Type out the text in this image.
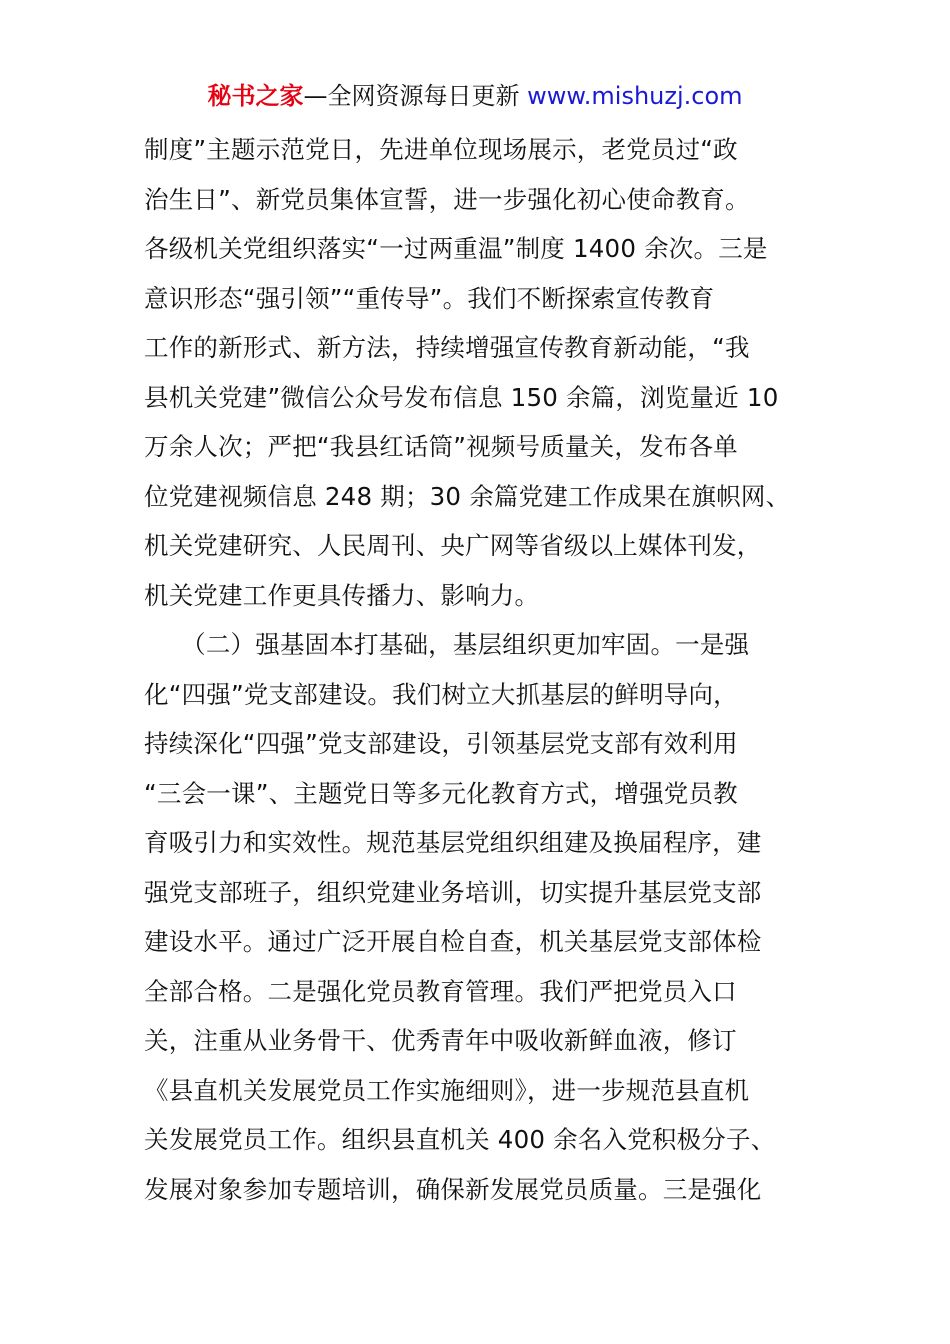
秘书之家—全网资源每日更新 www.mishuzj.com
制度”主题示范党日，先进单位现场展示，老党员过“政
治生日”、新党员集体宣誓，进一步强化初心使命教育。
各级机关党组织落实“一过两重温”制度 1400 余次。三是
意识形态“强引领”“重传导”。我们不断探索宣传教育
工作的新形式、新方法，持续增强宣传教育新动能，“我
县机关党建”微信公众号发布信息 150 余篇，浏览量近 10
万余人次；严把“我县红话筒”视频号质量关，发布各单
位党建视频信息 248 期；30 余篇党建工作成果在旗帜网、
机关党建研究、人民周刊、央广网等省级以上媒体刊发，
机关党建工作更具传播力、影响力。
　　（二）强基固本打基础，基层组织更加牢固。一是强
化“四强”党支部建设。我们树立大抓基层的鲜明导向，
持续深化“四强”党支部建设，引领基层党支部有效利用
“三会一课”、主题党日等多元化教育方式，增强党员教
育吸引力和实效性。规范基层党组织组建及换届程序，建
强党支部班子，组织党建业务培训，切实提升基层党支部
建设水平。通过广泛开展自检自查，机关基层党支部体检
全部合格。二是强化党员教育管理。我们严把党员入口
关，注重从业务骨干、优秀青年中吸收新鲜血液，修订
《县直机关发展党员工作实施细则》，进一步规范县直机
关发展党员工作。组织县直机关 400 余名入党积极分子、
发展对象参加专题培训，确保新发展党员质量。三是强化
